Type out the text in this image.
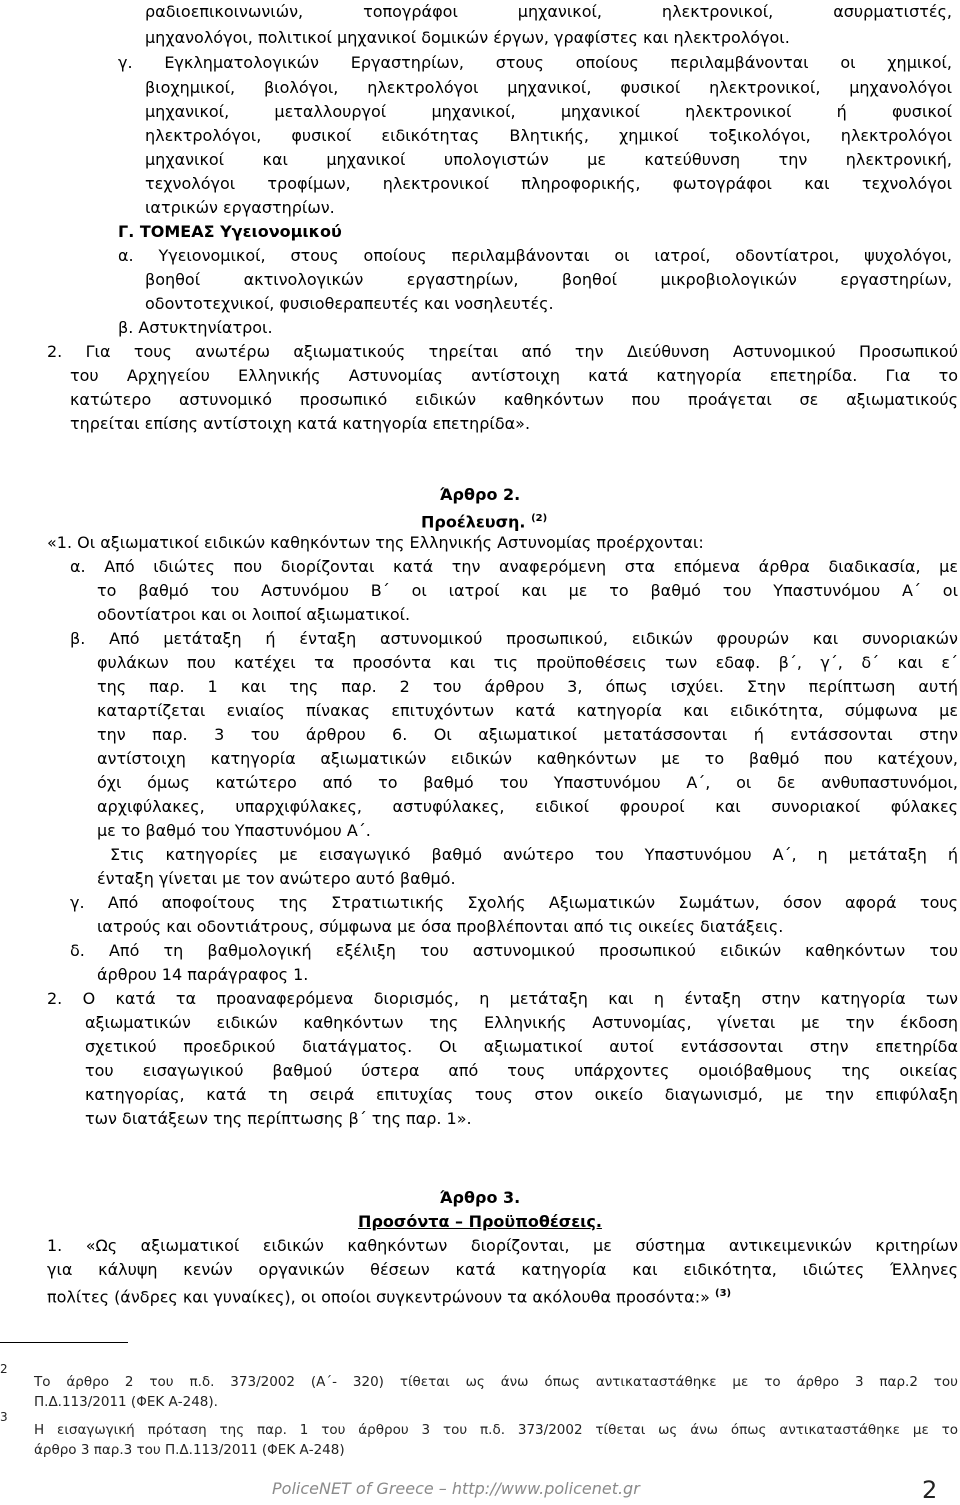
ραδιοεπικοινωνιών, τοπογράφοι μηχανικοί, ηλεκτρονικοί, ασυρματιστές,
μηχανολόγοι, πολιτικοί μηχανικοί δομικών έργων, γραφίστες και ηλεκτρολόγοι.
γ. Εγκληματολογικών Εργαστηρίων, στους οποίους περιλαμβάνονται οι χημικοί,
βιοχημικοί, βιολόγοι, ηλεκτρολόγοι μηχανικοί, φυσικοί ηλεκτρονικοί, μηχανολόγοι
μηχανικοί, μεταλλουργοί μηχανικοί, μηχανικοί ηλεκτρονικοί ή φυσικοί
ηλεκτρολόγοι, φυσικοί ειδικότητας Βλητικής, χημικοί τοξικολόγοι, ηλεκτρολόγοι
μηχανικοί και μηχανικοί υπολογιστών με κατεύθυνση την ηλεκτρονική,
τεχνολόγοι τροφίμων, ηλεκτρονικοί πληροφορικής, φωτογράφοι και τεχνολόγοι
ιατρικών εργαστηρίων.
Γ. ΤΟΜΕΑΣ Υγειονομικού
α. Υγειονομικοί, στους οποίους περιλαμβάνονται οι ιατροί, οδοντίατροι, ψυχολόγοι,
βοηθοί ακτινολογικών εργαστηρίων, βοηθοί μικροβιολογικών εργαστηρίων,
οδοντοτεχνικοί, φυσιοθεραπευτές και νοσηλευτές.
β. Αστυκτηνίατροι.
2. Για τους ανωτέρω αξιωματικούς τηρείται από την Διεύθυνση Αστυνομικού Προσωπικού
του Αρχηγείου Ελληνικής Αστυνομίας αντίστοιχη κατά κατηγορία επετηρίδα. Για το
κατώτερο αστυνομικό προσωπικό ειδικών καθηκόντων που προάγεται σε αξιωματικούς
τηρείται επίσης αντίστοιχη κατά κατηγορία επετηρίδα».
Άρθρο 2.
Προέλευση. $^{(2)}$
«1. Οι αξιωματικοί ειδικών καθηκόντων της Ελληνικής Αστυνομίας προέρχονται:
α. Από ιδιώτες που διορίζονται κατά την αναφερόμενη στα επόμενα άρθρα διαδικασία, με
το βαθμό του Αστυνόμου Β΄ οι ιατροί και με το βαθμό του Υπαστυνόμου Α΄ οι
οδοντίατροι και οι λοιποί αξιωματικοί.
β. Από μετάταξη ή ένταξη αστυνομικού προσωπικού, ειδικών φρουρών και συνοριακών
φυλάκων που κατέχει τα προσόντα και τις προϋποθέσεις των εδαφ. β΄, γ΄, δ΄ και ε΄
της παρ. 1 και της παρ. 2 του άρθρου 3, όπως ισχύει. Στην περίπτωση αυτή
καταρτίζεται ενιαίος πίνακας επιτυχόντων κατά κατηγορία και ειδικότητα, σύμφωνα με
την παρ. 3 του άρθρου 6. Οι αξιωματικοί μετατάσσονται ή εντάσσονται στην
αντίστοιχη κατηγορία αξιωματικών ειδικών καθηκόντων με το βαθμό που κατέχουν,
όχι όμως κατώτερο από το βαθμό του Υπαστυνόμου Α΄, οι δε ανθυπαστυνόμοι,
αρχιφύλακες, υπαρχιφύλακες, αστυφύλακες, ειδικοί φρουροί και συνοριακοί φύλακες
με το βαθμό του Υπαστυνόμου Α΄.
Στις κατηγορίες με εισαγωγικό βαθμό ανώτερο του Υπαστυνόμου Α΄, η μετάταξη ή
ένταξη γίνεται με τον ανώτερο αυτό βαθμό.
γ. Από αποφοίτους της Στρατιωτικής Σχολής Αξιωματικών Σωμάτων, όσον αφορά τους
ιατρούς και οδοντιάτρους, σύμφωνα με όσα προβλέπονται από τις οικείες διατάξεις.
δ. Από τη βαθμολογική εξέλιξη του αστυνομικού προσωπικού ειδικών καθηκόντων του
άρθρου 14 παράγραφος 1.
2. Ο κατά τα προαναφερόμενα διορισμός, η μετάταξη και η ένταξη στην κατηγορία των
αξιωματικών ειδικών καθηκόντων της Ελληνικής Αστυνομίας, γίνεται με την έκδοση
σχετικού προεδρικού διατάγματος. Οι αξιωματικοί αυτοί εντάσσονται στην επετηρίδα
του εισαγωγικού βαθμού ύστερα από τους υπάρχοντες ομοιόβαθμους της οικείας
κατηγορίας, κατά τη σειρά επιτυχίας τους στον οικείο διαγωνισμό, με την επιφύλαξη
των διατάξεων της περίπτωσης β΄ της παρ. 1».
Άρθρο 3.
Προσόντα – Προϋποθέσεις.
1. «Ως αξιωματικοί ειδικών καθηκόντων διορίζονται, με σύστημα αντικειμενικών κριτηρίων
για κάλυψη κενών οργανικών θέσεων κατά κατηγορία και ειδικότητα, ιδιώτες Έλληνες
πολίτες (άνδρες και γυναίκες), οι οποίοι συγκεντρώνουν τα ακόλουθα προσόντα:» $^{(3)}$
2
Το άρθρο 2 του π.δ. 373/2002 (Α΄- 320) τίθεται ως άνω όπως αντικαταστάθηκε με το άρθρο 3 παρ.2 του
Π.Δ.113/2011 (ΦΕΚ Α-248).
3
Η εισαγωγική πρόταση της παρ. 1 του άρθρου 3 του π.δ. 373/2002 τίθεται ως άνω όπως αντικαταστάθηκε με το
άρθρο 3 παρ.3 του Π.Δ.113/2011 (ΦΕΚ Α-248)
PoliceNET of Greece – http://www.policenet.gr	2
